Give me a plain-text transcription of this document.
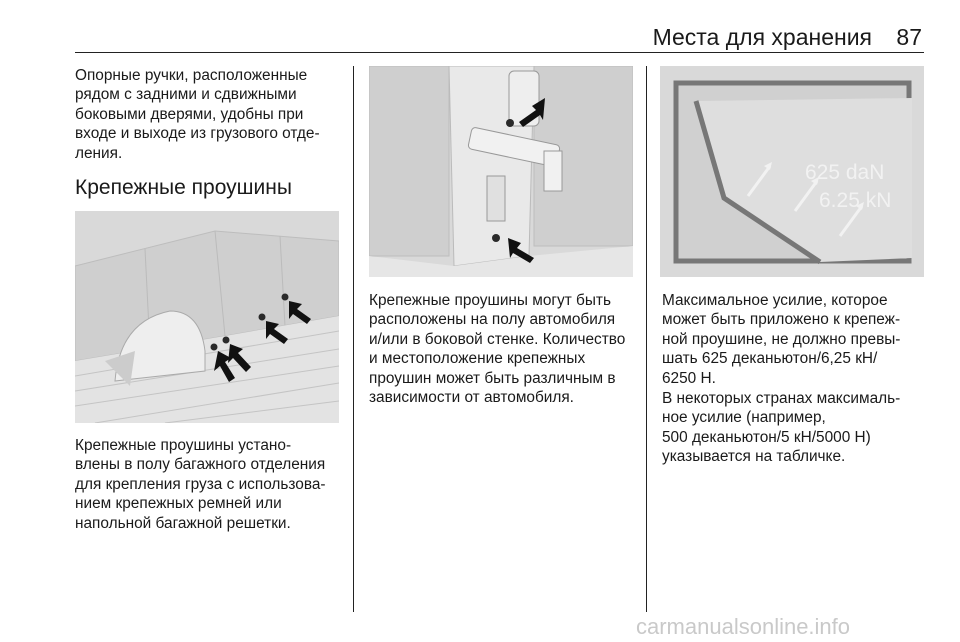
Места для хранения	87

Опорные ручки, расположенные
рядом с задними и сдвижными
боковыми дверями, удобны при
входе и выходе из грузового отде-
ления.

Крепежные проушины

Крепежные проушины устано-
влены в полу багажного отделения
для крепления груза с использова-
нием крепежных ремней или
напольной багажной решетки.

Крепежные проушины могут быть
расположены на полу автомобиля
и/или в боковой стенке. Количество
и местоположение крепежных
проушин может быть различным в
зависимости от автомобиля.

625 daN
6.25 kN

Максимальное усилие, которое
может быть приложено к крепеж-
ной проушине, не должно превы-
шать 625 деканьютон/6,25 кН/
6250 Н.

В некоторых странах максималь-
ное усилие (например,
500 деканьютон/5 кН/5000 Н)
указывается на табличке.

carmanualsonline.info
